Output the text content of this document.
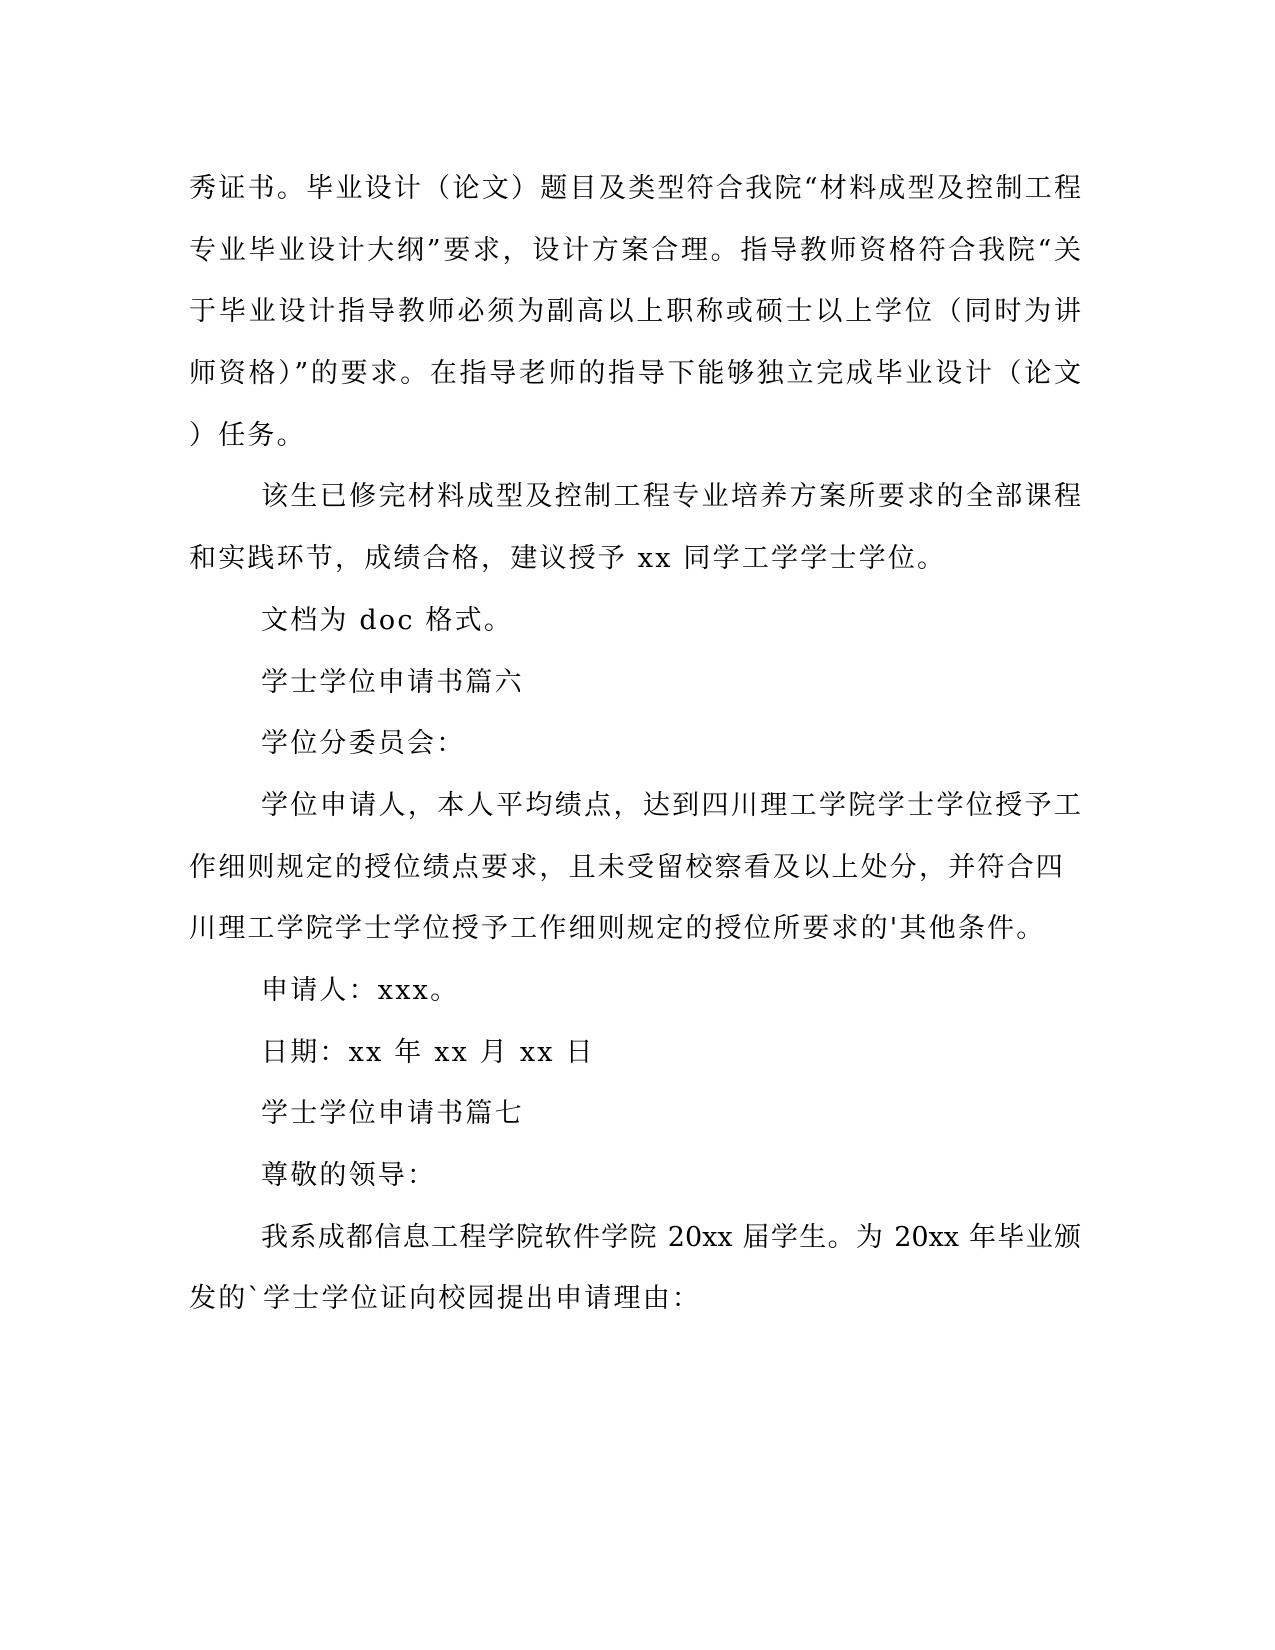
秀证书。毕业设计（论文）题目及类型符合我院“材料成型及控制工程
专业毕业设计大纲”要求，设计方案合理。指导教师资格符合我院“关
于毕业设计指导教师必须为副高以上职称或硕士以上学位（同时为讲
师资格）”的要求。在指导老师的指导下能够独立完成毕业设计（论文
）任务。
该生已修完材料成型及控制工程专业培养方案所要求的全部课程
和实践环节，成绩合格，建议授予 xx 同学工学学士学位。
文档为 doc 格式。
学士学位申请书篇六
学位分委员会：
学位申请人，本人平均绩点，达到四川理工学院学士学位授予工
作细则规定的授位绩点要求，且未受留校察看及以上处分，并符合四
川理工学院学士学位授予工作细则规定的授位所要求的'其他条件。
申请人：xxx。
日期：xx 年 xx 月 xx 日
学士学位申请书篇七
尊敬的领导：
我系成都信息工程学院软件学院 20xx 届学生。为 20xx 年毕业颁
发的`学士学位证向校园提出申请理由：
